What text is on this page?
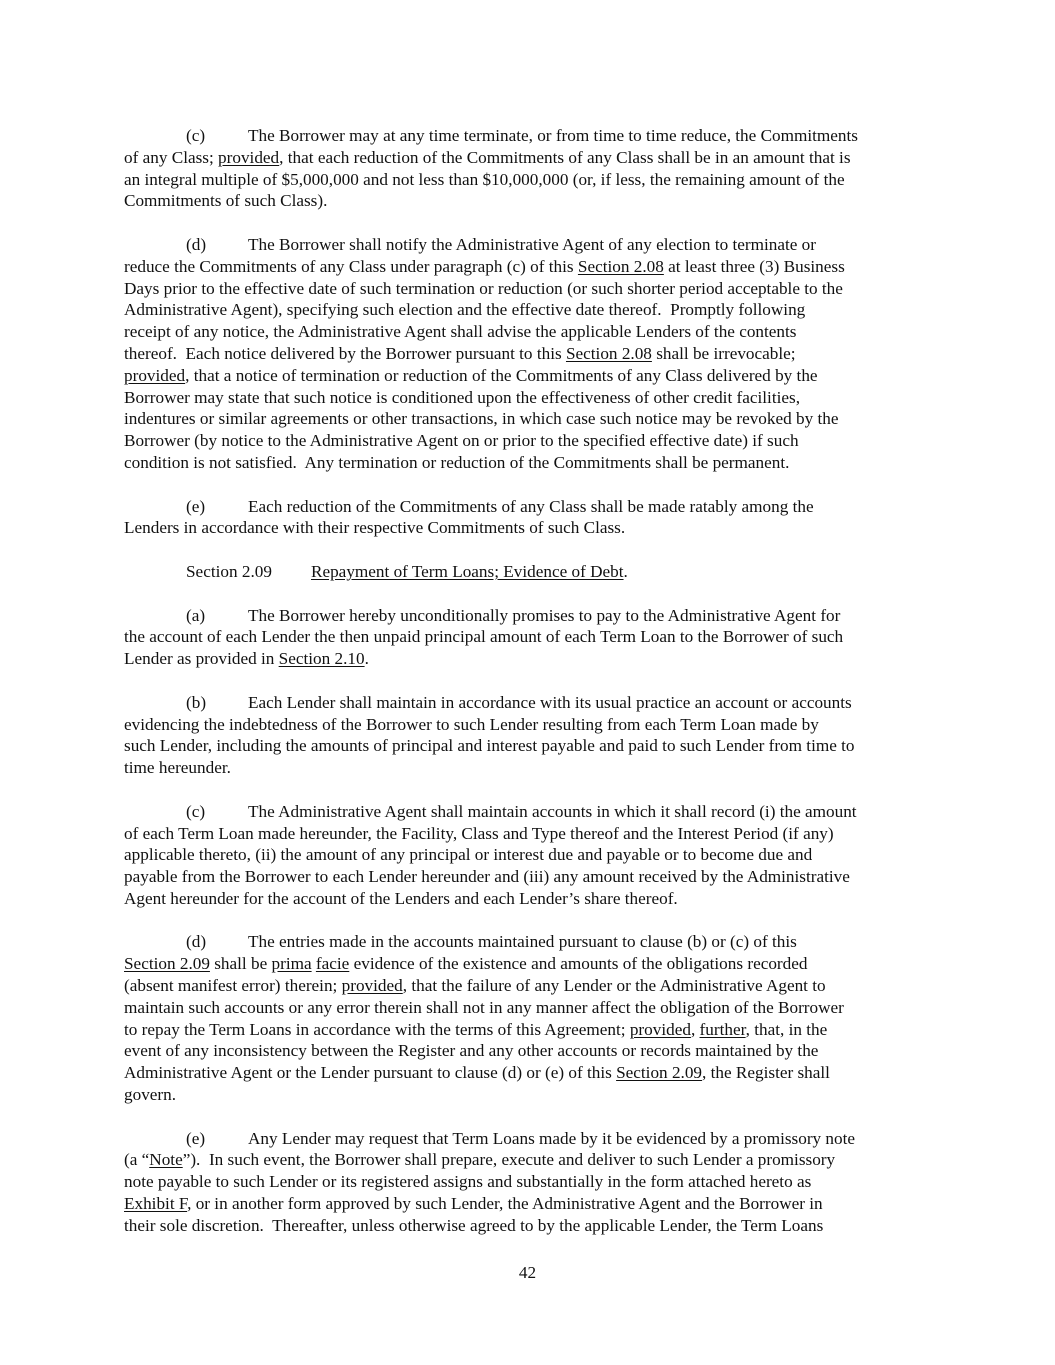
(c) The Borrower may at any time terminate, or from time to time reduce, the Commitments
of any Class; provided, that each reduction of the Commitments of any Class shall be in an amount that is
an integral multiple of $5,000,000 and not less than $10,000,000 (or, if less, the remaining amount of the
Commitments of such Class).
(d) The Borrower shall notify the Administrative Agent of any election to terminate or
reduce the Commitments of any Class under paragraph (c) of this Section 2.08 at least three (3) Business
Days prior to the effective date of such termination or reduction (or such shorter period acceptable to the
Administrative Agent), specifying such election and the effective date thereof.  Promptly following
receipt of any notice, the Administrative Agent shall advise the applicable Lenders of the contents
thereof.  Each notice delivered by the Borrower pursuant to this Section 2.08 shall be irrevocable;
provided, that a notice of termination or reduction of the Commitments of any Class delivered by the
Borrower may state that such notice is conditioned upon the effectiveness of other credit facilities,
indentures or similar agreements or other transactions, in which case such notice may be revoked by the
Borrower (by notice to the Administrative Agent on or prior to the specified effective date) if such
condition is not satisfied.  Any termination or reduction of the Commitments shall be permanent.
(e) Each reduction of the Commitments of any Class shall be made ratably among the
Lenders in accordance with their respective Commitments of such Class.
Section 2.09 Repayment of Term Loans; Evidence of Debt.
(a) The Borrower hereby unconditionally promises to pay to the Administrative Agent for
the account of each Lender the then unpaid principal amount of each Term Loan to the Borrower of such
Lender as provided in Section 2.10.
(b) Each Lender shall maintain in accordance with its usual practice an account or accounts
evidencing the indebtedness of the Borrower to such Lender resulting from each Term Loan made by
such Lender, including the amounts of principal and interest payable and paid to such Lender from time to
time hereunder.
(c) The Administrative Agent shall maintain accounts in which it shall record (i) the amount
of each Term Loan made hereunder, the Facility, Class and Type thereof and the Interest Period (if any)
applicable thereto, (ii) the amount of any principal or interest due and payable or to become due and
payable from the Borrower to each Lender hereunder and (iii) any amount received by the Administrative
Agent hereunder for the account of the Lenders and each Lender’s share thereof.
(d) The entries made in the accounts maintained pursuant to clause (b) or (c) of this
Section 2.09 shall be prima facie evidence of the existence and amounts of the obligations recorded
(absent manifest error) therein; provided, that the failure of any Lender or the Administrative Agent to
maintain such accounts or any error therein shall not in any manner affect the obligation of the Borrower
to repay the Term Loans in accordance with the terms of this Agreement; provided, further, that, in the
event of any inconsistency between the Register and any other accounts or records maintained by the
Administrative Agent or the Lender pursuant to clause (d) or (e) of this Section 2.09, the Register shall
govern.
(e) Any Lender may request that Term Loans made by it be evidenced by a promissory note
(a “Note”).  In such event, the Borrower shall prepare, execute and deliver to such Lender a promissory
note payable to such Lender or its registered assigns and substantially in the form attached hereto as
Exhibit F, or in another form approved by such Lender, the Administrative Agent and the Borrower in
their sole discretion.  Thereafter, unless otherwise agreed to by the applicable Lender, the Term Loans
42
